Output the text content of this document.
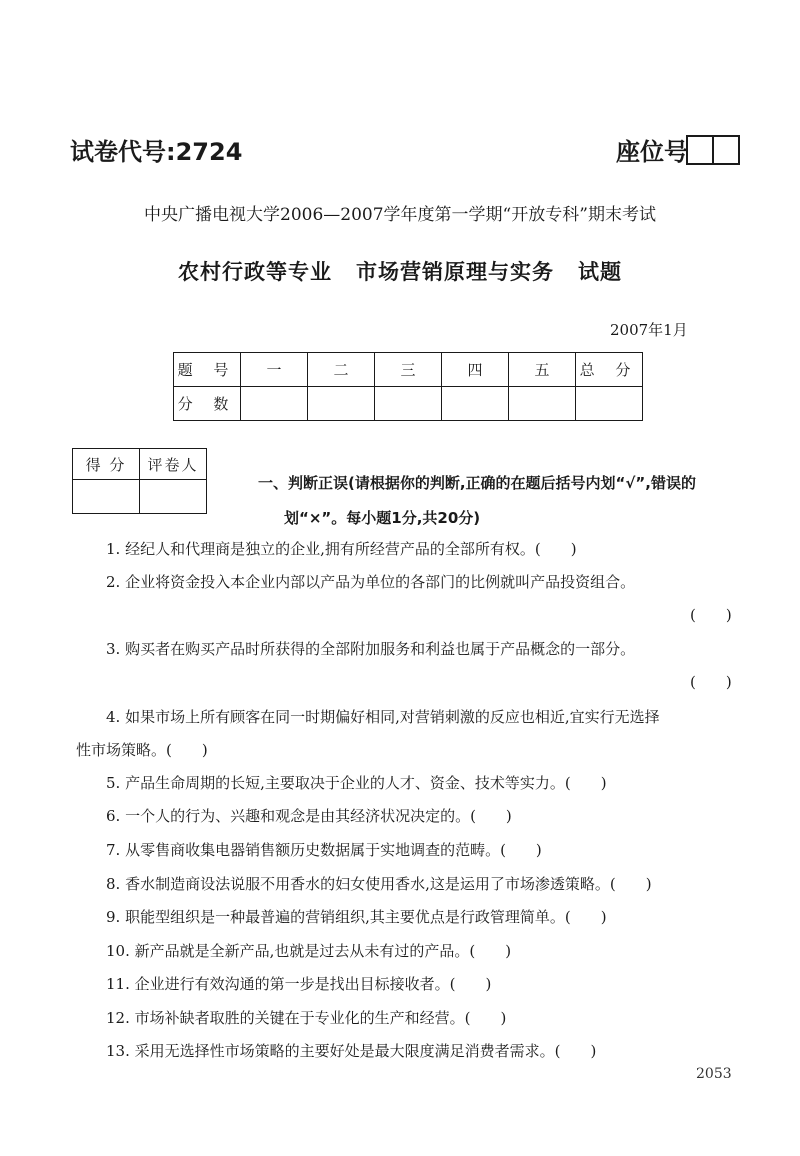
试卷代号:2724	座位号
中央广播电视大学2006—2007学年度第一学期“开放专科”期末考试
农村行政等专业 市场营销原理与实务 试题
2007年1月
题 号	一	二	三	四	五	总 分
分 数						
得 分	评卷人

一、判断正误(请根据你的判断,正确的在题后括号内划“√”,错误的
划“×”。每小题1分,共20分)
1. 经纪人和代理商是独立的企业,拥有所经营产品的全部所有权。(　　)
2. 企业将资金投入本企业内部以产品为单位的各部门的比例就叫产品投资组合。
(　　)
3. 购买者在购买产品时所获得的全部附加服务和利益也属于产品概念的一部分。
(　　)
4. 如果市场上所有顾客在同一时期偏好相同,对营销刺激的反应也相近,宜实行无选择
性市场策略。(　　)
5. 产品生命周期的长短,主要取决于企业的人才、资金、技术等实力。(　　)
6. 一个人的行为、兴趣和观念是由其经济状况决定的。(　　)
7. 从零售商收集电器销售额历史数据属于实地调查的范畴。(　　)
8. 香水制造商设法说服不用香水的妇女使用香水,这是运用了市场渗透策略。(　　)
9. 职能型组织是一种最普遍的营销组织,其主要优点是行政管理简单。(　　)
10. 新产品就是全新产品,也就是过去从未有过的产品。(　　)
11. 企业进行有效沟通的第一步是找出目标接收者。(　　)
12. 市场补缺者取胜的关键在于专业化的生产和经营。(　　)
13. 采用无选择性市场策略的主要好处是最大限度满足消费者需求。(　　)
2053
